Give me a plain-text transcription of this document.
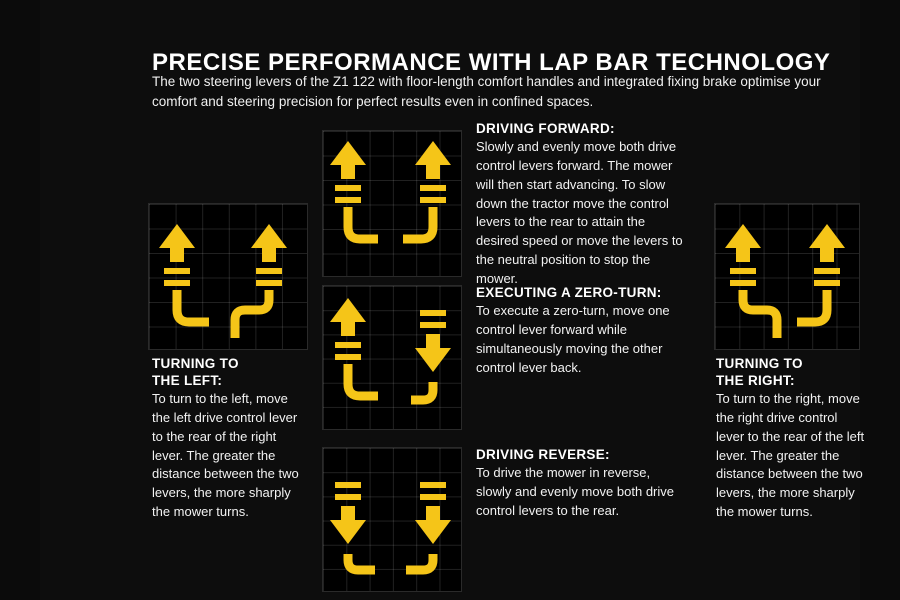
PRECISE PERFORMANCE WITH LAP BAR TECHNOLOGY
The two steering levers of the Z1 122 with floor-length comfort handles and integrated fixing brake optimise your comfort and steering precision for perfect results even in confined spaces.
TURNING TO
THE LEFT:

To turn to the left, move the left drive control lever to the rear of the right lever. The greater the distance between the two levers, the more sharply the mower turns.

DRIVING FORWARD:

Slowly and evenly move both drive control levers forward. The mower will then start advancing. To slow down the tractor move the control levers to the rear to attain the desired speed or move the levers to the neutral position to stop the mower.

EXECUTING A ZERO-TURN:

To execute a zero-turn, move one control lever forward while simultaneously moving the other control lever back.

DRIVING REVERSE:

To drive the mower in reverse, slowly and evenly move both drive control levers to the rear.

TURNING TO
THE RIGHT:

To turn to the right, move the right drive control lever to the rear of the left lever. The greater the distance between the two levers, the more sharply the mower turns.
